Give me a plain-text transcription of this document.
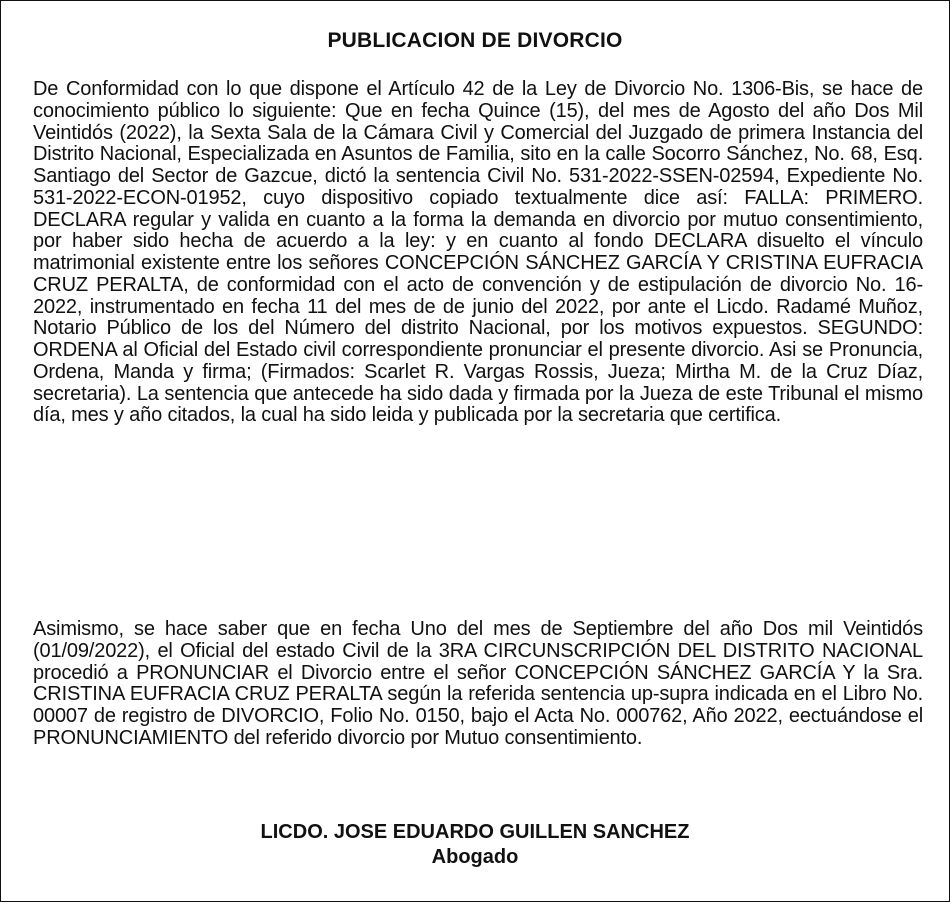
PUBLICACION DE DIVORCIO

De Conformidad con lo que dispone el Artículo 42 de la Ley de Divorcio No. 1306-Bis, se hace de conocimiento público lo siguiente: Que en fecha Quince (15), del mes de Agosto del año Dos Mil Veintidós (2022), la Sexta Sala de la Cámara Civil y Comercial del Juzgado de primera Instancia del Distrito Nacional, Especializada en Asuntos de Familia, sito en la calle Socorro Sánchez, No. 68, Esq. Santiago del Sector de Gazcue, dictó la sentencia Civil No. 531-2022-SSEN-02594, Expediente No. 531-2022-ECON-01952, cuyo dispositivo copiado textualmente dice así: FALLA: PRIMERO. DECLARA regular y valida en cuanto a la forma la demanda en divorcio por mutuo consentimiento, por haber sido hecha de acuerdo a la ley: y en cuanto al fondo DECLARA disuelto el vínculo matrimonial existente entre los señores CONCEPCIÓN SÁNCHEZ GARCÍA Y CRISTINA EUFRACIA CRUZ PERALTA, de conformidad con el acto de convención y de estipulación de divorcio No. 16-2022, instrumentado en fecha 11 del mes de de junio del 2022, por ante el Licdo. Radamé Muñoz, Notario Público de los del Número del distrito Nacional, por los motivos expuestos. SEGUNDO: ORDENA al Oficial del Estado civil correspondiente pronunciar el presente divorcio. Asi se Pronuncia, Ordena, Manda y firma; (Firmados: Scarlet R. Vargas Rossis, Jueza; Mirtha M. de la Cruz Díaz, secretaria). La sentencia que antecede ha sido dada y firmada por la Jueza de este Tribunal el mismo día, mes y año citados, la cual ha sido leida y publicada por la secretaria que certifica.

Asimismo, se hace saber que en fecha Uno del mes de Septiembre del año Dos mil Veintidós (01/09/2022), el Oficial del estado Civil de la 3RA CIRCUNSCRIPCIÓN DEL DISTRITO NACIONAL procedió a PRONUNCIAR el Divorcio entre el señor CONCEPCIÓN SÁNCHEZ GARCÍA Y la Sra. CRISTINA EUFRACIA CRUZ PERALTA según la referida sentencia up-supra indicada en el Libro No. 00007 de registro de DIVORCIO, Folio No. 0150, bajo el Acta No. 000762, Año 2022, eectuándose el PRONUNCIAMIENTO del referido divorcio por Mutuo consentimiento.

LICDO. JOSE EDUARDO GUILLEN SANCHEZ
Abogado
